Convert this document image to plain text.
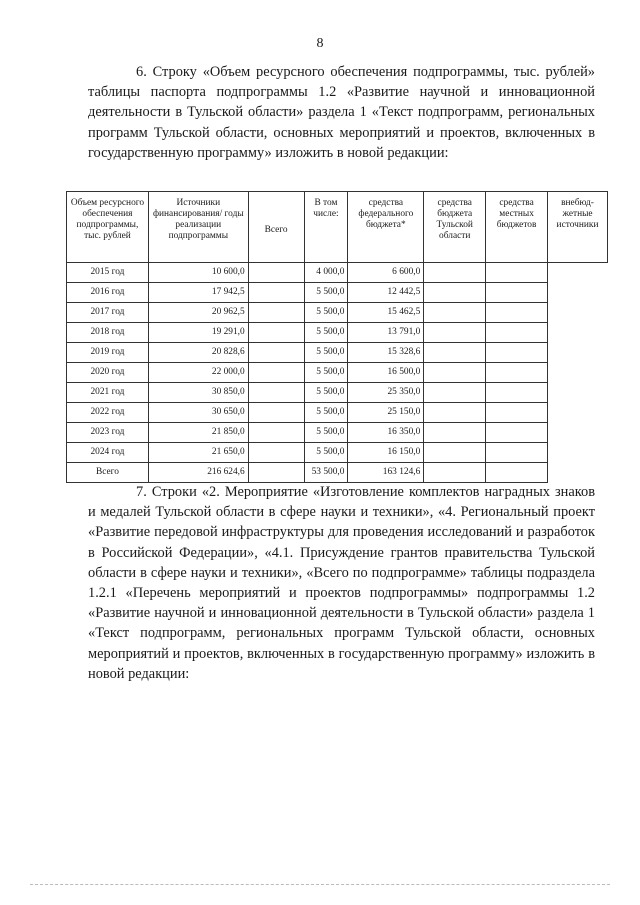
8
6. Строку «Объем ресурсного обеспечения подпрограммы, тыс. рублей» таблицы паспорта подпрограммы 1.2 «Развитие научной и инновационной деятельности в Тульской области» раздела 1 «Текст подпрограмм, региональных программ Тульской области, основных мероприятий и проектов, включенных в государственную программу» изложить в новой редакции:
Объем ресурсного обеспечения подпрограммы, тыс. рублей	Источники финансирования/ годы реализации подпрограммы	Всего	В том числе:	средства федерального бюджета*	средства бюджета Тульской области	средства местных бюджетов	внебюд-жетные источники
2015 год	10 600,0		4 000,0	6 600,0			
2016 год	17 942,5		5 500,0	12 442,5			
2017 год	20 962,5		5 500,0	15 462,5			
2018 год	19 291,0		5 500,0	13 791,0			
2019 год	20 828,6		5 500,0	15 328,6			
2020 год	22 000,0		5 500,0	16 500,0			
2021 год	30 850,0		5 500,0	25 350,0			
2022 год	30 650,0		5 500,0	25 150,0			
2023 год	21 850,0		5 500,0	16 350,0			
2024 год	21 650,0		5 500,0	16 150,0			
Всего	216 624,6		53 500,0	163 124,6			
7. Строки «2. Мероприятие «Изготовление комплектов наградных знаков и медалей Тульской области в сфере науки и техники», «4. Региональный проект «Развитие передовой инфраструктуры для проведения исследований и разработок в Российской Федерации», «4.1. Присуждение грантов правительства Тульской области в сфере науки и техники», «Всего по подпрограмме» таблицы подраздела 1.2.1 «Перечень мероприятий и проектов подпрограммы» подпрограммы 1.2 «Развитие научной и инновационной деятельности в Тульской области» раздела 1 «Текст подпрограмм, региональных программ Тульской области, основных мероприятий и проектов, включенных в государственную программу» изложить в новой редакции:
